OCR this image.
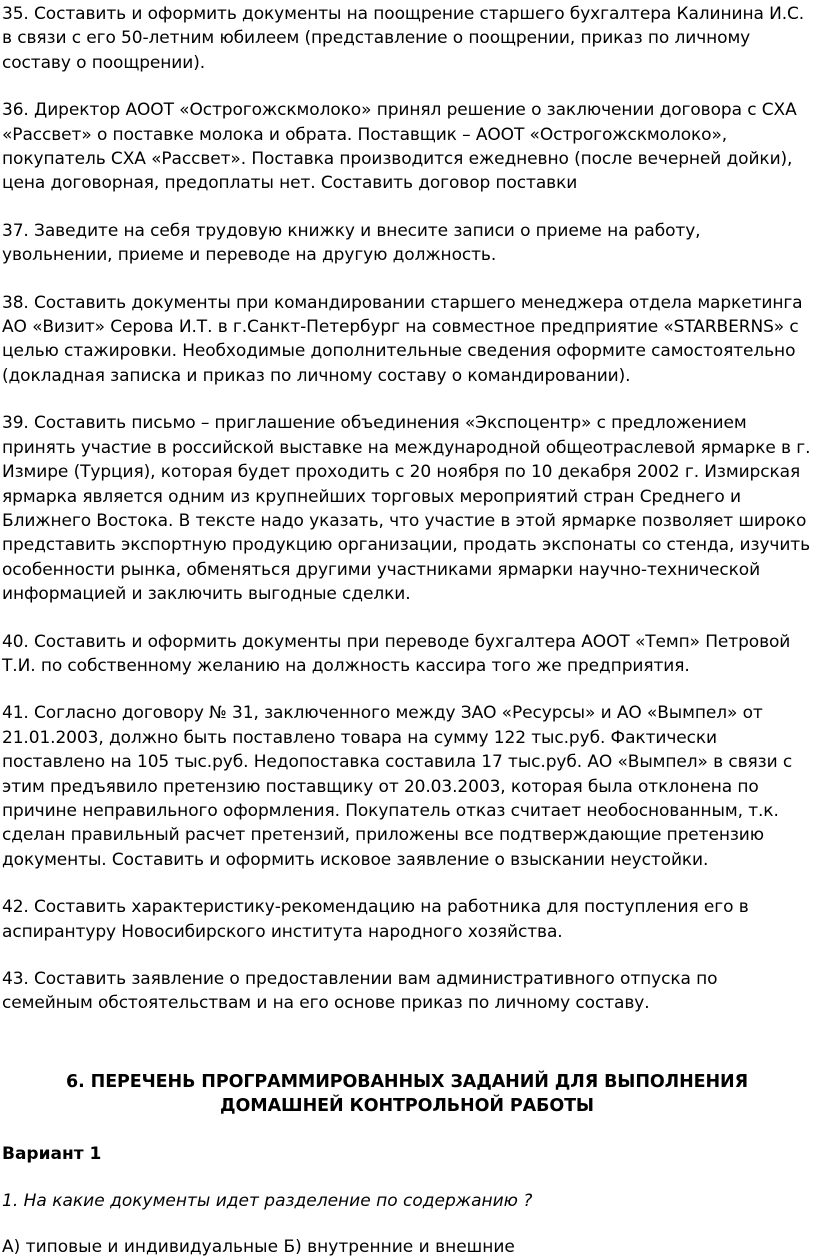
35. Составить и оформить документы на поощрение старшего бухгалтера Калинина И.С. в связи с его 50-летним юбилеем (представление о поощрении, приказ по личному составу о поощрении).

36. Директор АООТ «Острогожскмолоко» принял решение о заключении договора с СХА «Рассвет» о поставке молока и обрата. Поставщик – АООТ «Острогожскмолоко», покупатель СХА «Рассвет». Поставка производится ежедневно (после вечерней дойки), цена договорная, предоплаты нет. Составить договор поставки

37. Заведите на себя трудовую книжку и внесите записи о приеме на работу, увольнении, приеме и переводе на другую должность.

38. Составить документы при командировании старшего менеджера отдела маркетинга АО «Визит» Серова И.Т. в г.Санкт-Петербург на совместное предприятие «STARBERNS» с целью стажировки. Необходимые дополнительные сведения оформите самостоятельно (докладная записка и приказ по личному составу о командировании).

39. Составить письмо – приглашение объединения «Экспоцентр» с предложением принять участие в российской выставке на международной общеотраслевой ярмарке в г. Измире (Турция), которая будет проходить с 20 ноября по 10 декабря 2002 г. Измирская ярмарка является одним из крупнейших торговых мероприятий стран Среднего и Ближнего Востока. В тексте надо указать, что участие в этой ярмарке позволяет широко представить экспортную продукцию организации, продать экспонаты со стенда, изучить особенности рынка, обменяться другими участниками ярмарки научно-технической информацией и заключить выгодные сделки.

40. Составить и оформить документы при переводе бухгалтера АООТ «Темп» Петровой Т.И. по собственному желанию на должность кассира того же предприятия.

41. Согласно договору № 31, заключенного между ЗАО «Ресурсы» и АО «Вымпел» от 21.01.2003, должно быть поставлено товара на сумму 122 тыс.руб. Фактически поставлено на 105 тыс.руб. Недопоставка составила 17 тыс.руб. АО «Вымпел» в связи с этим предъявило претензию поставщику от 20.03.2003, которая была отклонена по причине неправильного оформления. Покупатель отказ считает необоснованным, т.к. сделан правильный расчет претензий, приложены все подтверждающие претензию документы. Составить и оформить исковое заявление о взыскании неустойки.

42. Составить характеристику-рекомендацию на работника для поступления его в аспирантуру Новосибирского института народного хозяйства.

43. Составить заявление о предоставлении вам административного отпуска по семейным обстоятельствам и на его основе приказ по личному составу.

6. ПЕРЕЧЕНЬ ПРОГРАММИРОВАННЫХ ЗАДАНИЙ ДЛЯ ВЫПОЛНЕНИЯ ДОМАШНЕЙ КОНТРОЛЬНОЙ РАБОТЫ

Вариант 1

1. На какие документы идет разделение по содержанию ?

А) типовые и индивидуальные Б) внутренние и внешние
